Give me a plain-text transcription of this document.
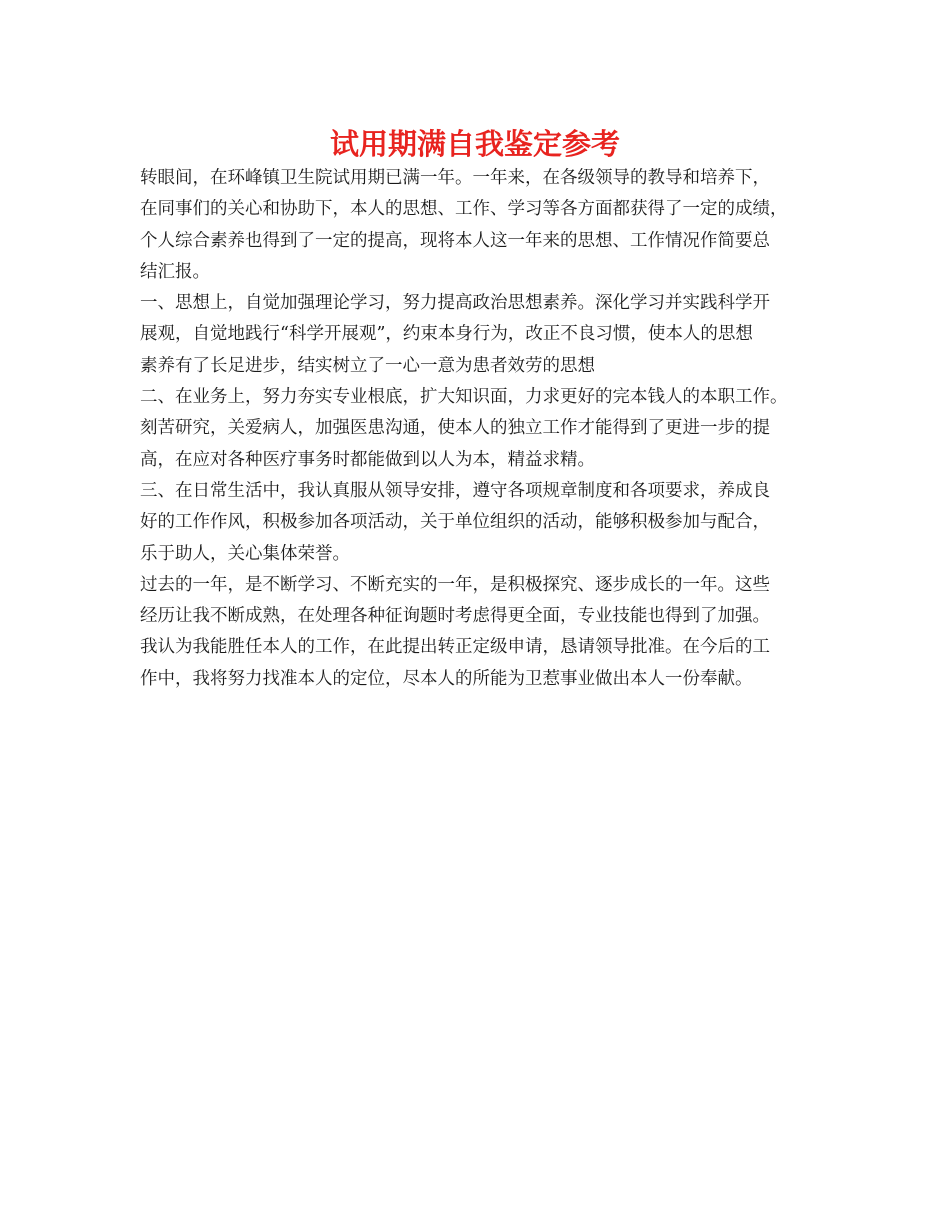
试用期满自我鉴定参考
转眼间，在环峰镇卫生院试用期已满一年。一年来，在各级领导的教导和培养下，
在同事们的关心和协助下，本人的思想、工作、学习等各方面都获得了一定的成绩，
个人综合素养也得到了一定的提高，现将本人这一年来的思想、工作情况作简要总
结汇报。
一、思想上，自觉加强理论学习，努力提高政治思想素养。深化学习并实践科学开
展观，自觉地践行“科学开展观”，约束本身行为，改正不良习惯，使本人的思想
素养有了长足进步，结实树立了一心一意为患者效劳的思想
二、在业务上，努力夯实专业根底，扩大知识面，力求更好的完本钱人的本职工作。
刻苦研究，关爱病人，加强医患沟通，使本人的独立工作才能得到了更进一步的提
高，在应对各种医疗事务时都能做到以人为本，精益求精。
三、在日常生活中，我认真服从领导安排，遵守各项规章制度和各项要求，养成良
好的工作作风，积极参加各项活动，关于单位组织的活动，能够积极参加与配合，
乐于助人，关心集体荣誉。
过去的一年，是不断学习、不断充实的一年，是积极探究、逐步成长的一年。这些
经历让我不断成熟，在处理各种征询题时考虑得更全面，专业技能也得到了加强。
我认为我能胜任本人的工作，在此提出转正定级申请，恳请领导批准。在今后的工
作中，我将努力找准本人的定位，尽本人的所能为卫惹事业做出本人一份奉献。
